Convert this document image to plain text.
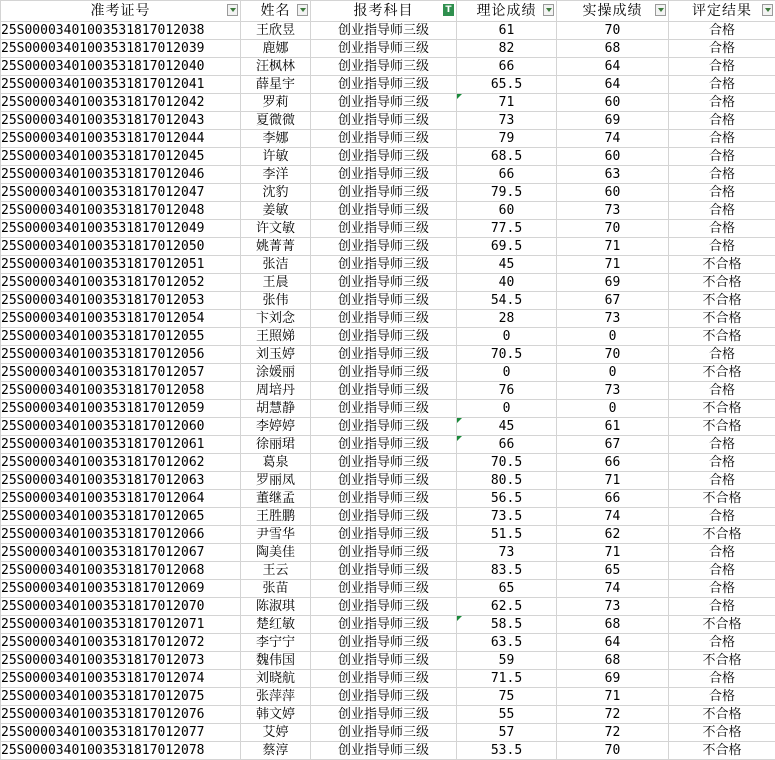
准考证号	姓名	报考科目 T	理论成绩	实操成绩	评定结果

25S00003401003531817012038	王欣昱	创业指导师三级	61	70	合格
25S00003401003531817012039	鹿娜	创业指导师三级	82	68	合格
25S00003401003531817012040	汪枫林	创业指导师三级	66	64	合格
25S00003401003531817012041	薛星宇	创业指导师三级	65.5	64	合格
25S00003401003531817012042	罗莉	创业指导师三级	71	60	合格
25S00003401003531817012043	夏微微	创业指导师三级	73	69	合格
25S00003401003531817012044	李娜	创业指导师三级	79	74	合格
25S00003401003531817012045	许敏	创业指导师三级	68.5	60	合格
25S00003401003531817012046	李洋	创业指导师三级	66	63	合格
25S00003401003531817012047	沈豹	创业指导师三级	79.5	60	合格
25S00003401003531817012048	姜敏	创业指导师三级	60	73	合格
25S00003401003531817012049	许文敏	创业指导师三级	77.5	70	合格
25S00003401003531817012050	姚菁菁	创业指导师三级	69.5	71	合格
25S00003401003531817012051	张洁	创业指导师三级	45	71	不合格
25S00003401003531817012052	王晨	创业指导师三级	40	69	不合格
25S00003401003531817012053	张伟	创业指导师三级	54.5	67	不合格
25S00003401003531817012054	卞刘念	创业指导师三级	28	73	不合格
25S00003401003531817012055	王照娣	创业指导师三级	0	0	不合格
25S00003401003531817012056	刘玉婷	创业指导师三级	70.5	70	合格
25S00003401003531817012057	涂媛丽	创业指导师三级	0	0	不合格
25S00003401003531817012058	周培丹	创业指导师三级	76	73	合格
25S00003401003531817012059	胡慧静	创业指导师三级	0	0	不合格
25S00003401003531817012060	李婷婷	创业指导师三级	45	61	不合格
25S00003401003531817012061	徐丽珺	创业指导师三级	66	67	合格
25S00003401003531817012062	葛泉	创业指导师三级	70.5	66	合格
25S00003401003531817012063	罗丽凤	创业指导师三级	80.5	71	合格
25S00003401003531817012064	董继孟	创业指导师三级	56.5	66	不合格
25S00003401003531817012065	王胜鹏	创业指导师三级	73.5	74	合格
25S00003401003531817012066	尹雪华	创业指导师三级	51.5	62	不合格
25S00003401003531817012067	陶美佳	创业指导师三级	73	71	合格
25S00003401003531817012068	王云	创业指导师三级	83.5	65	合格
25S00003401003531817012069	张苗	创业指导师三级	65	74	合格
25S00003401003531817012070	陈淑琪	创业指导师三级	62.5	73	合格
25S00003401003531817012071	楚红敏	创业指导师三级	58.5	68	不合格
25S00003401003531817012072	李宁宁	创业指导师三级	63.5	64	合格
25S00003401003531817012073	魏伟国	创业指导师三级	59	68	不合格
25S00003401003531817012074	刘晓航	创业指导师三级	71.5	69	合格
25S00003401003531817012075	张萍萍	创业指导师三级	75	71	合格
25S00003401003531817012076	韩文婷	创业指导师三级	55	72	不合格
25S00003401003531817012077	艾婷	创业指导师三级	57	72	不合格
25S00003401003531817012078	蔡淳	创业指导师三级	53.5	70	不合格
